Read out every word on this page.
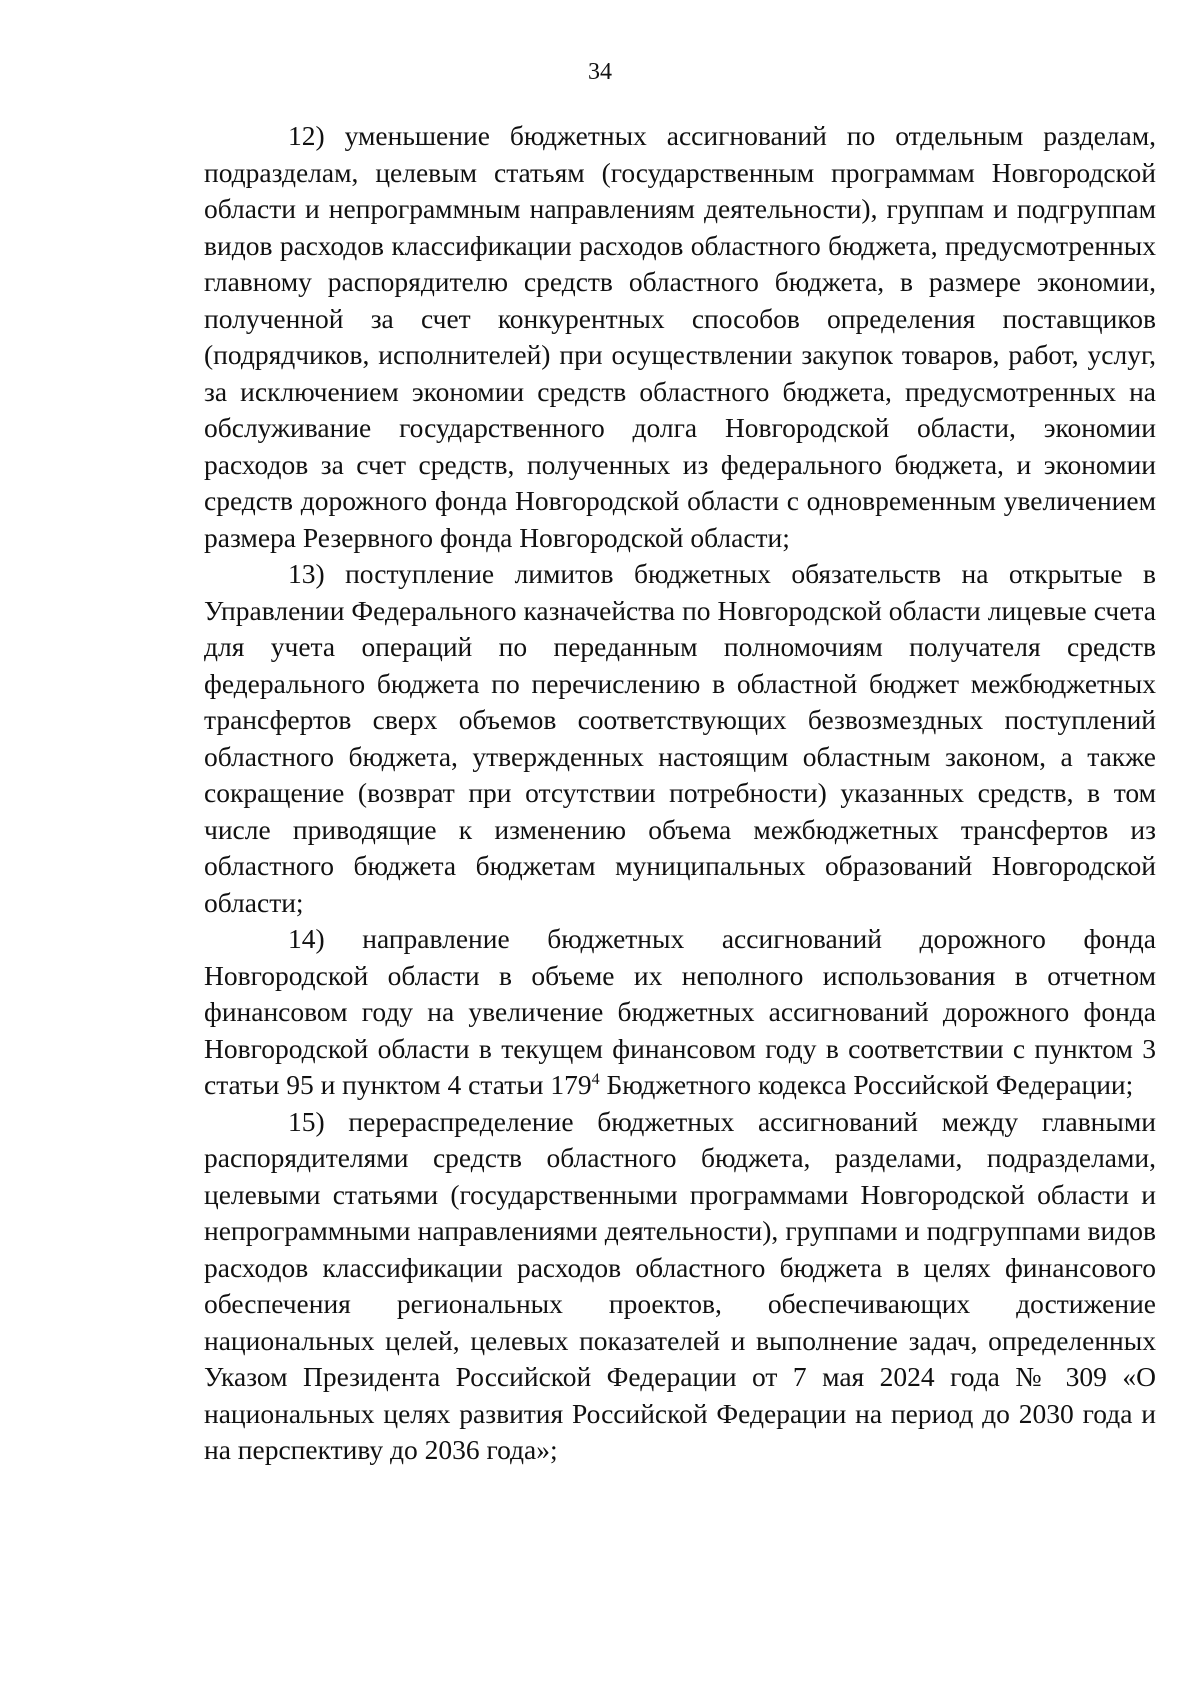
34

12) уменьшение бюджетных ассигнований по отдельным разделам, подразделам, целевым статьям (государственным программам Новгородской области и непрограммным направлениям деятельности), группам и подгруппам видов расходов классификации расходов областного бюджета, предусмотренных главному распорядителю средств областного бюджета, в размере экономии, полученной за счет конкурентных способов определения поставщиков (подрядчиков, исполнителей) при осуществлении закупок товаров, работ, услуг, за исключением экономии средств областного бюджета, предусмотренных на обслуживание государственного долга Новгородской области, экономии расходов за счет средств, полученных из федерального бюджета, и экономии средств дорожного фонда Новгородской области с одновременным увеличением размера Резервного фонда Новгородской области;

13) поступление лимитов бюджетных обязательств на открытые в Управлении Федерального казначейства по Новгородской области лицевые счета для учета операций по переданным полномочиям получателя средств федерального бюджета по перечислению в областной бюджет межбюджетных трансфертов сверх объемов соответствующих безвозмездных поступлений областного бюджета, утвержденных настоящим областным законом, а также сокращение (возврат при отсутствии потребности) указанных средств, в том числе приводящие к изменению объема межбюджетных трансфертов из областного бюджета бюджетам муниципальных образований Новгородской области;

14) направление бюджетных ассигнований дорожного фонда Новгородской области в объеме их неполного использования в отчетном финансовом году на увеличение бюджетных ассигнований дорожного фонда Новгородской области в текущем финансовом году в соответствии с пунктом 3 статьи 95 и пунктом 4 статьи $179^4$ Бюджетного кодекса Российской Федерации;

15) перераспределение бюджетных ассигнований между главными распорядителями средств областного бюджета, разделами, подразделами, целевыми статьями (государственными программами Новгородской области и непрограммными направлениями деятельности), группами и подгруппами видов расходов классификации расходов областного бюджета в целях финансового обеспечения региональных проектов, обеспечивающих достижение национальных целей, целевых показателей и выполнение задач, определенных Указом Президента Российской Федерации от 7 мая 2024 года № 309 «О национальных целях развития Российской Федерации на период до 2030 года и на перспективу до 2036 года»;
